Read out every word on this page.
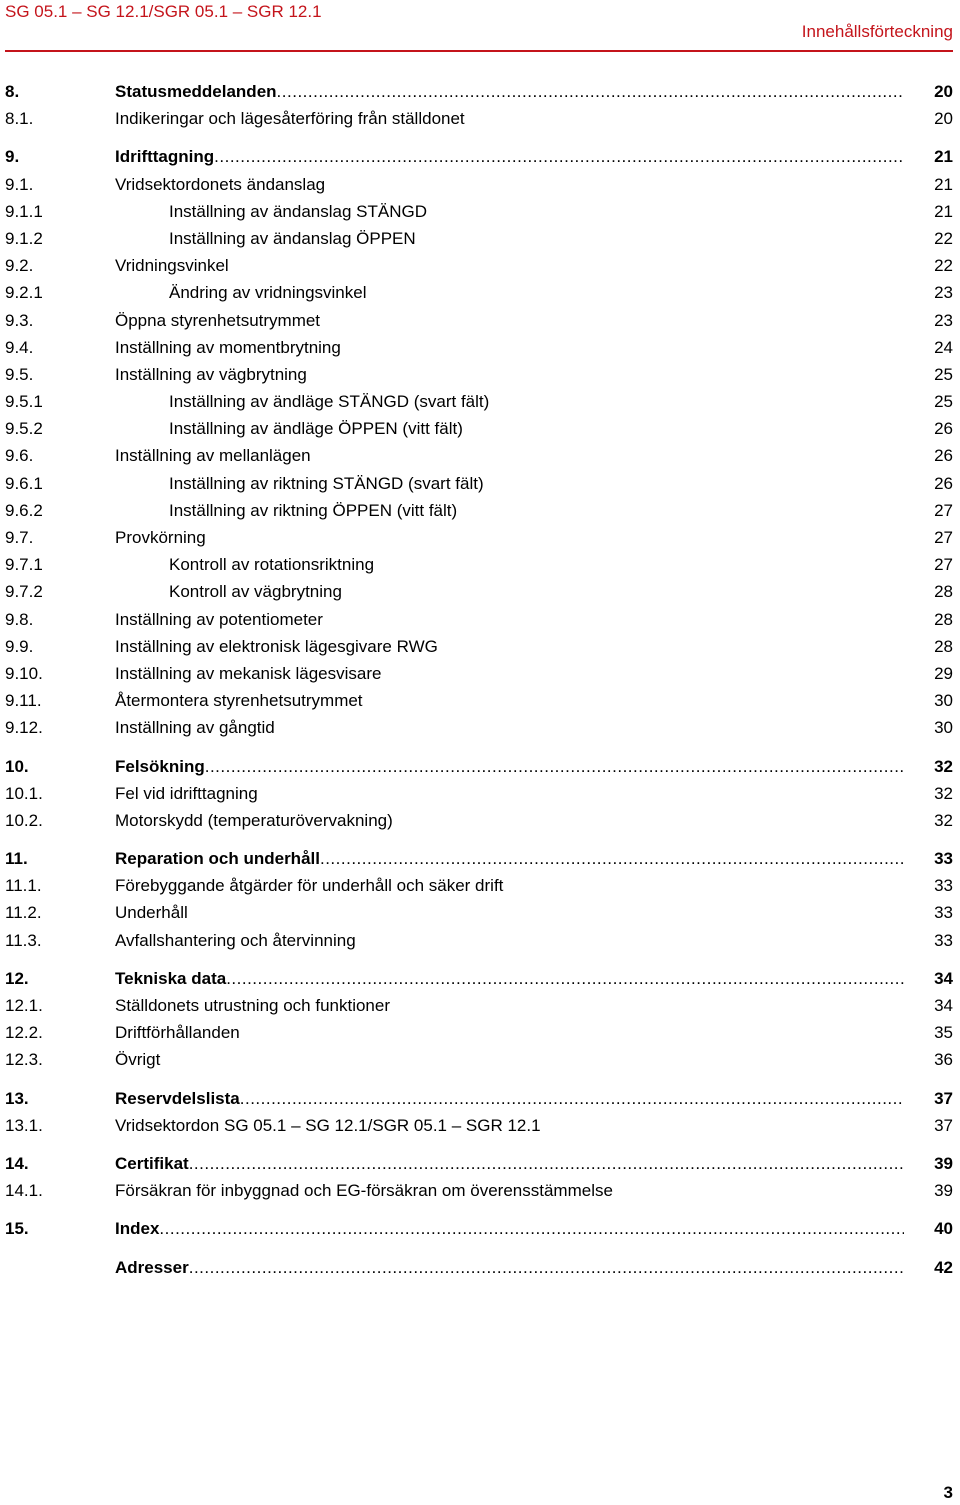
SG 05.1 – SG 12.1/SGR 05.1 – SGR 12.1
Innehållsförteckning
8.	Statusmeddelanden .....	20
8.1.	Indikeringar och lägesåterföring från ställdonet	20
9.	Idrifttagning .....	21
9.1.	Vridsektordonets ändanslag	21
9.1.1	Inställning av ändanslag STÄNGD	21
9.1.2	Inställning av ändanslag ÖPPEN	22
9.2.	Vridningsvinkel	22
9.2.1	Ändring av vridningsvinkel	23
9.3.	Öppna styrenhetsutrymmet	23
9.4.	Inställning av momentbrytning	24
9.5.	Inställning av vägbrytning	25
9.5.1	Inställning av ändläge STÄNGD (svart fält)	25
9.5.2	Inställning av ändläge ÖPPEN (vitt fält)	26
9.6.	Inställning av mellanlägen	26
9.6.1	Inställning av riktning STÄNGD (svart fält)	26
9.6.2	Inställning av riktning ÖPPEN (vitt fält)	27
9.7.	Provkörning	27
9.7.1	Kontroll av rotationsriktning	27
9.7.2	Kontroll av vägbrytning	28
9.8.	Inställning av potentiometer	28
9.9.	Inställning av elektronisk lägesgivare RWG	28
9.10.	Inställning av mekanisk lägesvisare	29
9.11.	Återmontera styrenhetsutrymmet	30
9.12.	Inställning av gångtid	30
10.	Felsökning .....	32
10.1.	Fel vid idrifttagning	32
10.2.	Motorskydd (temperaturövervakning)	32
11.	Reparation och underhåll .....	33
11.1.	Förebyggande åtgärder för underhåll och säker drift	33
11.2.	Underhåll	33
11.3.	Avfallshantering och återvinning	33
12.	Tekniska data .....	34
12.1.	Ställdonets utrustning och funktioner	34
12.2.	Driftförhållanden	35
12.3.	Övrigt	36
13.	Reservdelslista .....	37
13.1.	Vridsektordon SG 05.1 – SG 12.1/SGR 05.1 – SGR 12.1	37
14.	Certifikat .....	39
14.1.	Försäkran för inbyggnad och EG-försäkran om överensstämmelse	39
15.	Index .....	40
Adresser .....	42
3
